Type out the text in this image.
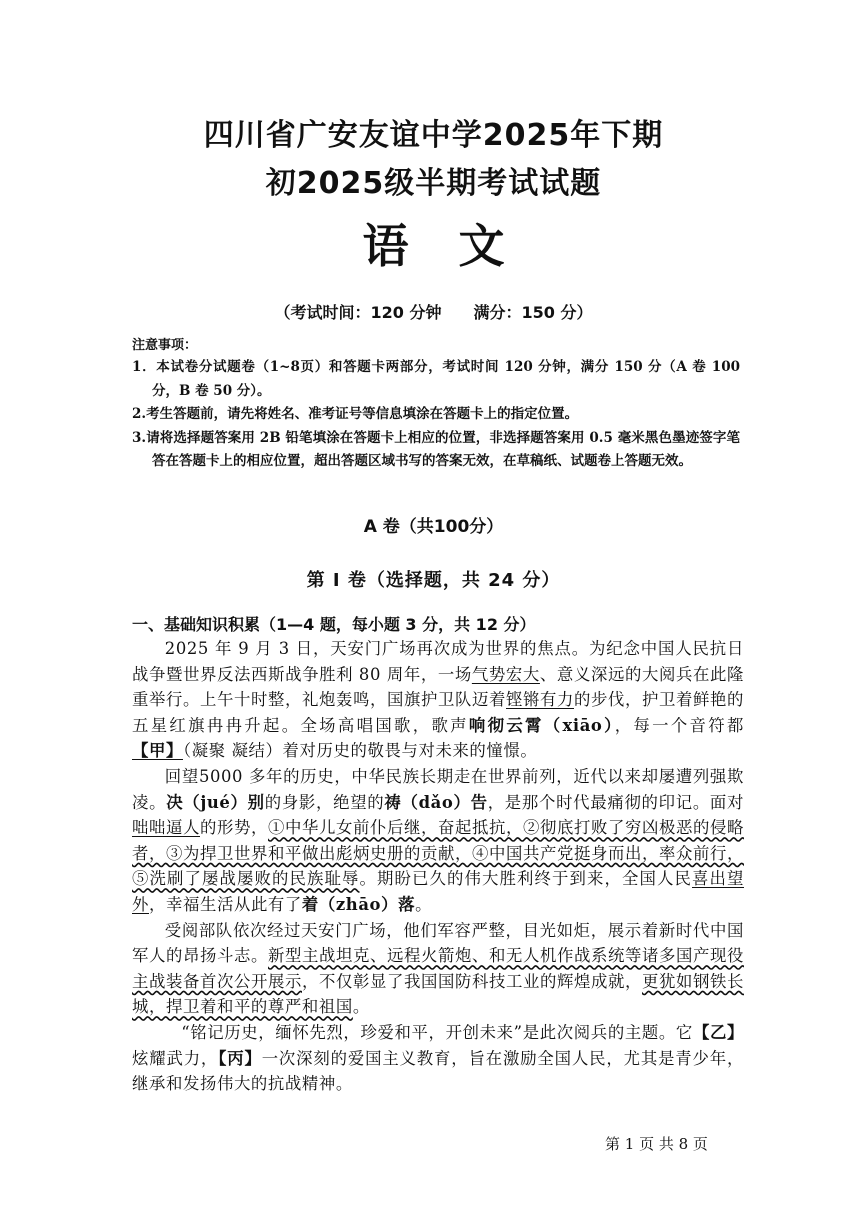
四川省广安友谊中学2025年下期
初2025级半期考试试题
语文
（考试时间：120 分钟　　满分：150 分）
注意事项：

1．本试卷分试题卷（1~8页）和答题卡两部分，考试时间 120 分钟，满分 150 分（A 卷 100 分，B 卷 50 分）。

2.考生答题前，请先将姓名、准考证号等信息填涂在答题卡上的指定位置。

3.请将选择题答案用 2B 铅笔填涂在答题卡上相应的位置，非选择题答案用 0.5 毫米黑色墨迹签字笔答在答题卡上的相应位置，超出答题区域书写的答案无效，在草稿纸、试题卷上答题无效。

A 卷（共100分）
第 Ⅰ 卷（选择题，共 24 分）
一、基础知识积累（1—4 题，每小题 3 分，共 12 分）

2025 年 9 月 3 日，天安门广场再次成为世界的焦点。为纪念中国人民抗日战争暨世界反法西斯战争胜利 80 周年，一场气势宏大、意义深远的大阅兵在此隆重举行。上午十时整，礼炮轰鸣，国旗护卫队迈着铿锵有力的步伐，护卫着鲜艳的五星红旗冉冉升起。全场高唱国歌，歌声响彻云霄（xiāo），每一个音符都 【甲】（凝聚 凝结）着对历史的敬畏与对未来的憧憬。

回望5000 多年的历史，中华民族长期走在世界前列，近代以来却屡遭列强欺凌。决（jué）别的身影，绝望的祷（dǎo）告，是那个时代最痛彻的印记。面对咄咄逼人的形势，①中华儿女前仆后继，奋起抵抗，②彻底打败了穷凶极恶的侵略者，③为捍卫世界和平做出彪炳史册的贡献，④中国共产党挺身而出，率众前行，⑤洗刷了屡战屡败的民族耻辱。期盼已久的伟大胜利终于到来，全国人民喜出望外，幸福生活从此有了着（zhāo）落。

受阅部队依次经过天安门广场，他们军容严整，目光如炬，展示着新时代中国军人的昂扬斗志。新型主战坦克、远程火箭炮、和无人机作战系统等诸多国产现役主战装备首次公开展示，不仅彰显了我国国防科技工业的辉煌成就，更犹如钢铁长城，捍卫着和平的尊严和祖国。

“铭记历史，缅怀先烈，珍爱和平，开创未来”是此次阅兵的主题。它【乙】炫耀武力，【丙】一次深刻的爱国主义教育，旨在激励全国人民，尤其是青少年，继承和发扬伟大的抗战精神。

第 1 页 共 8 页
